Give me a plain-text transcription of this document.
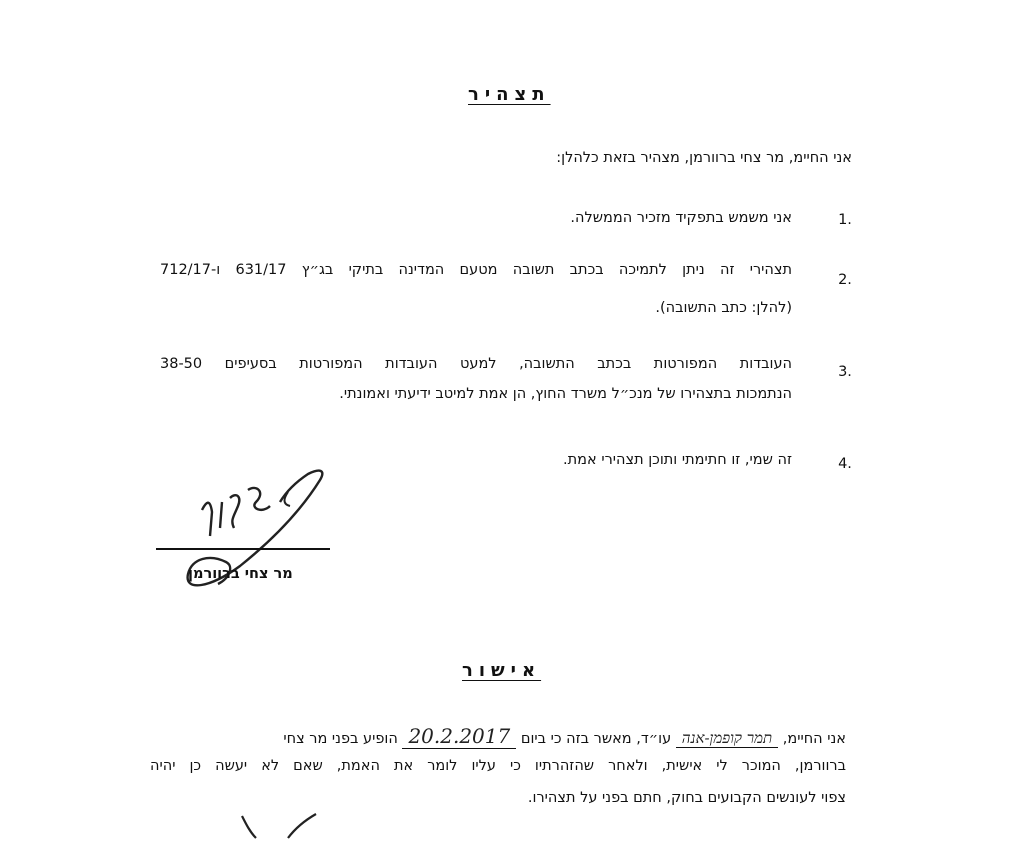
תצהיר
אני החיימ, מר צחי ברוורמן, מצהיר בזאת כלהלן:
1.
אני משמש בתפקיד מזכיר הממשלה.
2.
תצהירי זה ניתן לתמיכה בכתב תשובה מטעם המדינה בתיקי בג״ץ 631/17 ו-712/17
(להלן: כתב התשובה).
3.
העובדות המפורטות בכתב התשובה, למעט העובדות המפורטות בסעיפים 38-50
הנתמכות בתצהירו של מנכ״ל משרד החוץ, הן אמת למיטב ידיעתי ואמונתי.
4.
זה שמי, זו חתימתי ותוכן תצהירי אמת.
מר צחי ברוורמן
אישור
אני החיימ, תמר קופמן-אנה עו״ד, מאשר בזה כי ביום 20.2.2017 הופיע בפני מר צחי
ברוורמן, המוכר לי אישית, ולאחר שהזהרתיו כי עליו לומר את האמת, שאם לא יעשה כן יהיה
צפוי לעונשים הקבועים בחוק, חתם בפני על תצהירו.
